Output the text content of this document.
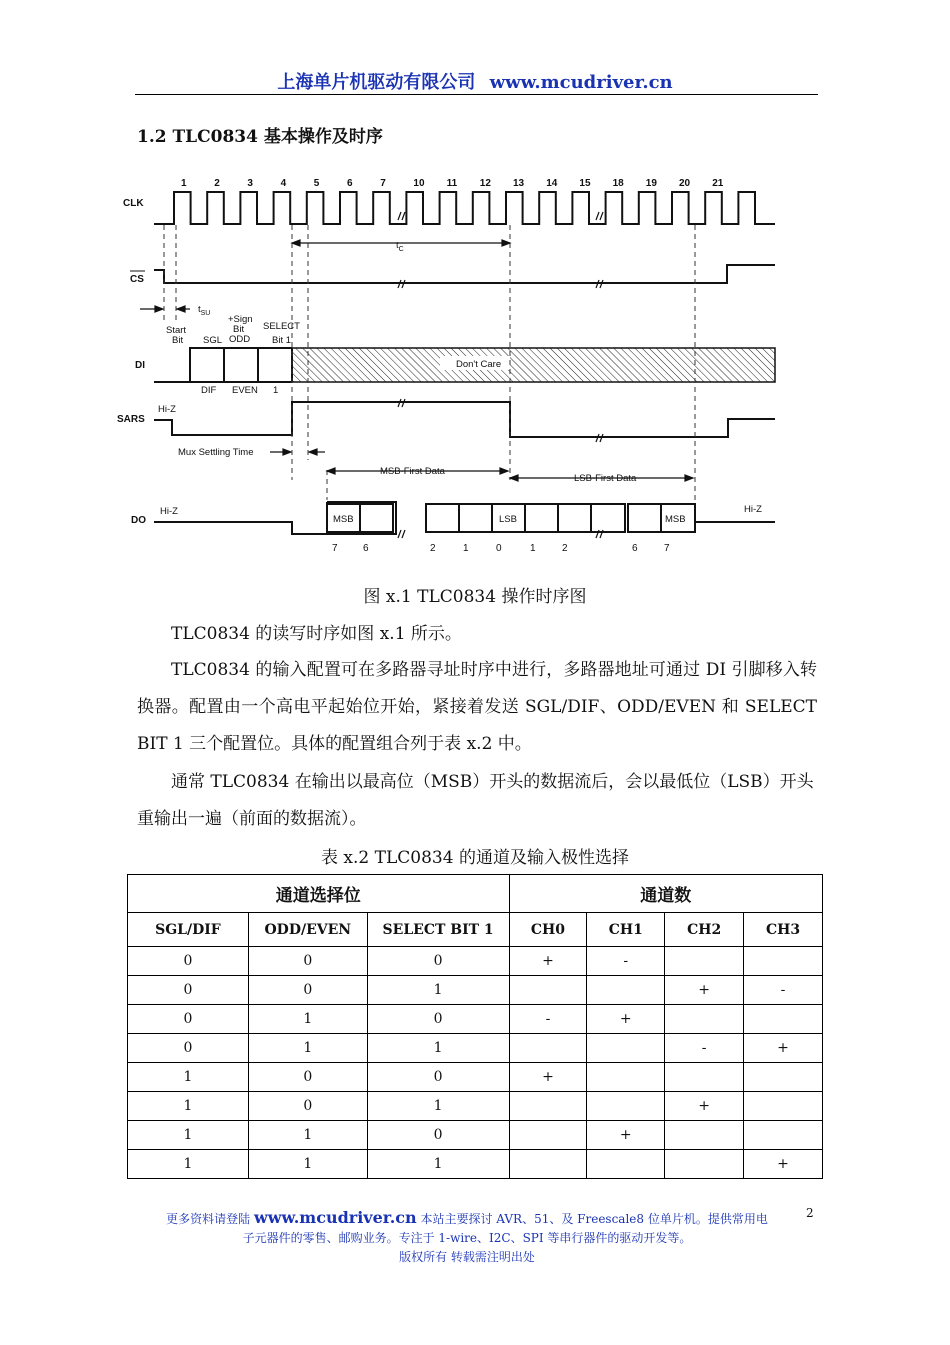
上海单片机驱动有限公司 www.mcudriver.cn
1.2 TLC0834 基本操作及时序
CLK
CS
DI
SARS
DO
1	2	3	4	5	6	7	10 11 12 13 14 15 18 19 20 21
$t_C$
$t_{SU}$
Start Bit	SGL
+Sign Bit ODD
SELECT Bit 1
DIF EVEN 1
Don't Care
Hi-Z
Mux Settling Time
MSB-First Data
LSB-First Data
Hi-Z	Hi-Z
MSB	LSB	MSB
7	6	2	1	0	1	2	6	7
图 x.1 TLC0834 操作时序图
TLC0834 的读写时序如图 x.1 所示。
TLC0834 的输入配置可在多路器寻址时序中进行，多路器地址可通过 DI 引脚移入转换器。配置由一个高电平起始位开始，紧接着发送 SGL/DIF、ODD/EVEN 和 SELECT BIT 1 三个配置位。具体的配置组合列于表 x.2 中。
通常 TLC0834 在输出以最高位（MSB）开头的数据流后，会以最低位（LSB）开头重输出一遍（前面的数据流）。
表 x.2 TLC0834 的通道及输入极性选择
通道选择位			通道数			
SGL/DIF	ODD/EVEN	SELECT BIT 1	CH0	CH1	CH2	CH3
0	0	0	+	-		
0	0	1			+	-
0	1	0	-	+		
0	1	1			-	+
1	0	0	+			
1	0	1			+	
1	1	0		+		
1	1	1				+
更多资料请登陆 www.mcudriver.cn 本站主要探讨 AVR、51、及 Freescale8 位单片机。提供常用电
子元器件的零售、邮购业务。专注于 1-wire、I2C、SPI 等串行器件的驱动开发等。
版权所有 转载需注明出处
2
